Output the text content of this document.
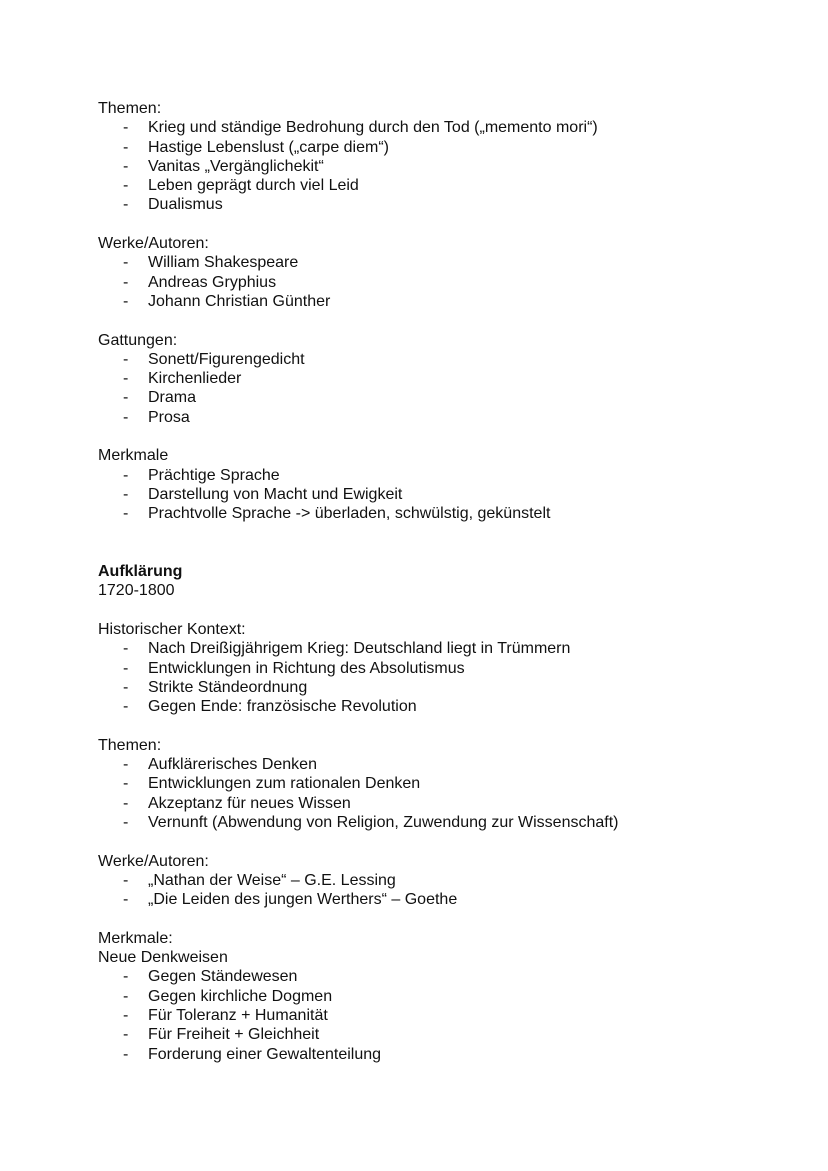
Themen:

- Krieg und ständige Bedrohung durch den Tod („memento mori“)
- Hastige Lebenslust („carpe diem“)
- Vanitas „Vergänglichekit“
- Leben geprägt durch viel Leid
- Dualismus

Werke/Autoren:

- William Shakespeare
- Andreas Gryphius
- Johann Christian Günther

Gattungen:

- Sonett/Figurengedicht
- Kirchenlieder
- Drama
- Prosa

Merkmale

- Prächtige Sprache
- Darstellung von Macht und Ewigkeit
- Prachtvolle Sprache -> überladen, schwülstig, gekünstelt
Aufklärung
1720-1800

Historischer Kontext:

- Nach Dreißigjährigem Krieg: Deutschland liegt in Trümmern
- Entwicklungen in Richtung des Absolutismus
- Strikte Ständeordnung
- Gegen Ende: französische Revolution

Themen:

- Aufklärerisches Denken
- Entwicklungen zum rationalen Denken
- Akzeptanz für neues Wissen
- Vernunft (Abwendung von Religion, Zuwendung zur Wissenschaft)

Werke/Autoren:

- „Nathan der Weise“ – G.E. Lessing
- „Die Leiden des jungen Werthers“ – Goethe

Merkmale:

Neue Denkweisen

- Gegen Ständewesen
- Gegen kirchliche Dogmen
- Für Toleranz + Humanität
- Für Freiheit + Gleichheit
- Forderung einer Gewaltenteilung
